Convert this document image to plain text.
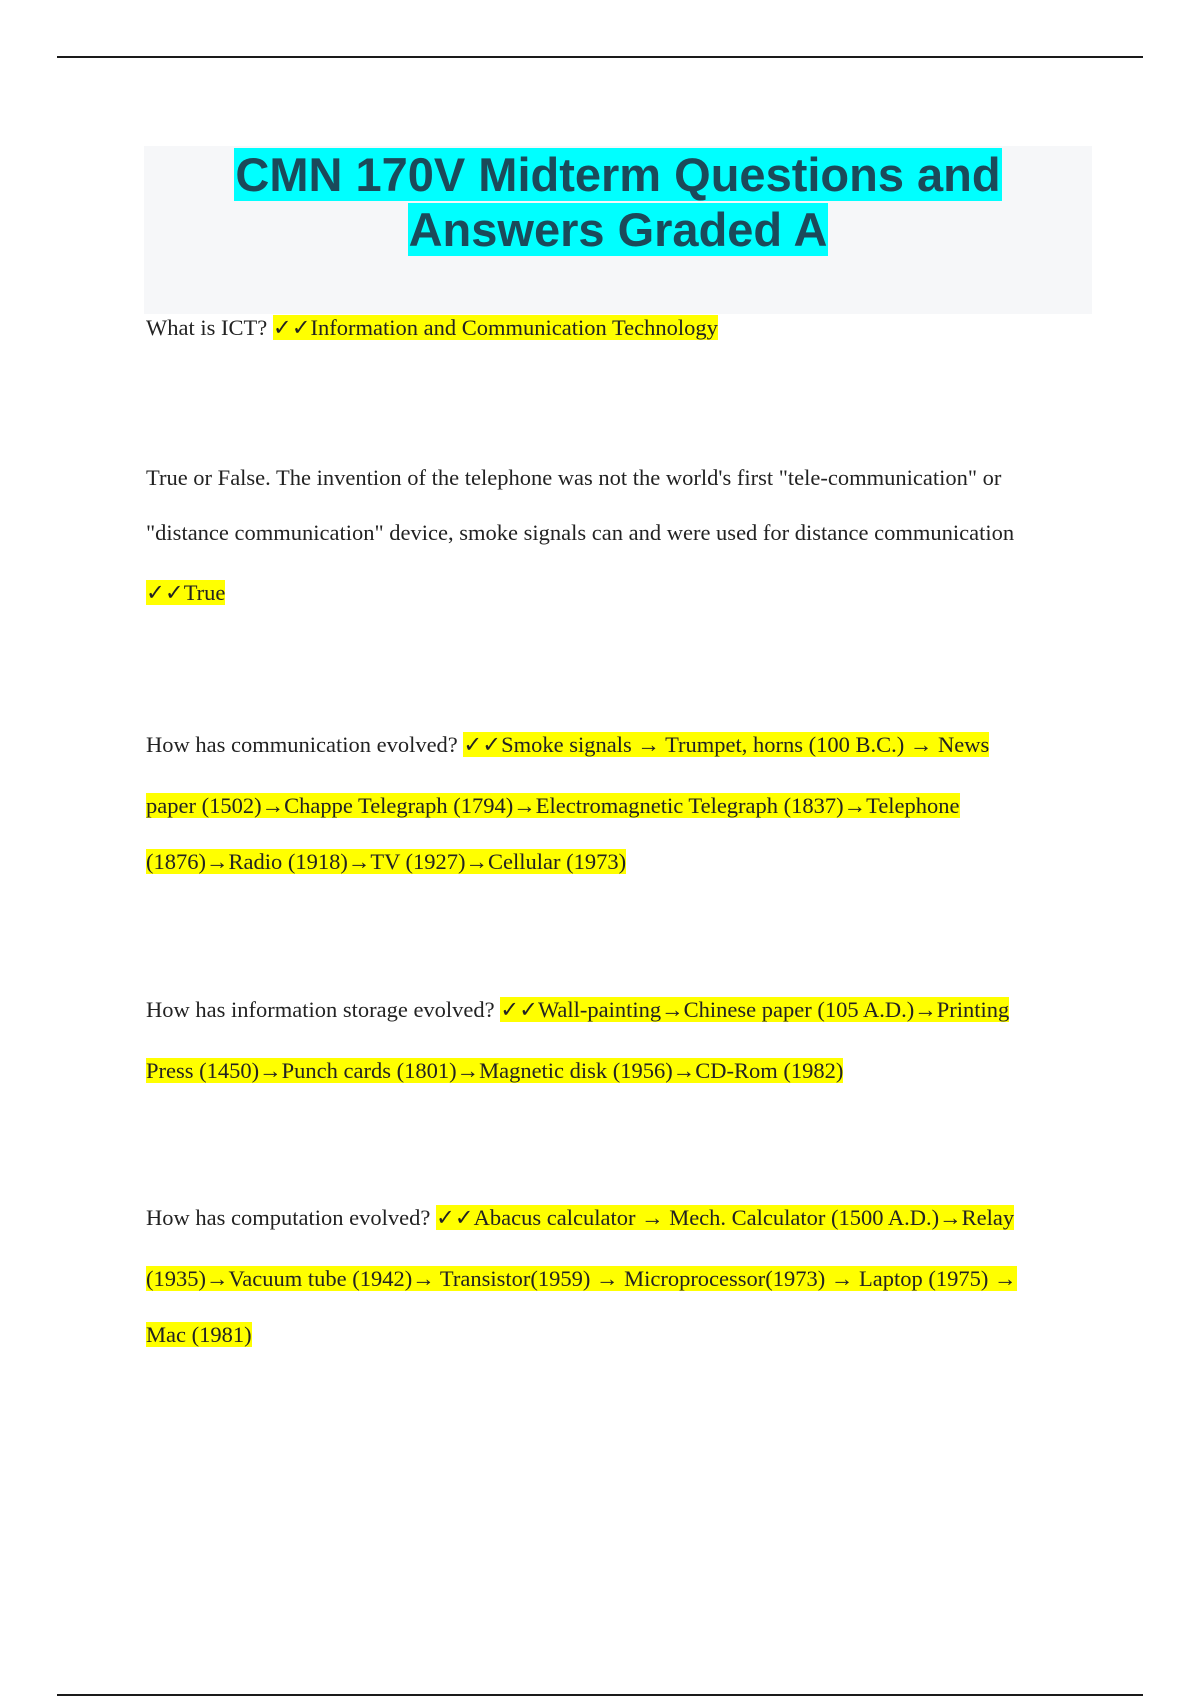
CMN 170V Midterm Questions and
Answers Graded A
What is ICT? ✓✓Information and Communication Technology
True or False. The invention of the telephone was not the world's first "tele-communication" or
"distance communication" device, smoke signals can and were used for distance communication
✓✓True
How has communication evolved? ✓✓Smoke signals → Trumpet, horns (100 B.C.) → News
paper (1502)→Chappe Telegraph (1794)→Electromagnetic Telegraph (1837)→Telephone
(1876)→Radio (1918)→TV (1927)→Cellular (1973)
How has information storage evolved? ✓✓Wall-painting→Chinese paper (105 A.D.)→Printing
Press (1450)→Punch cards (1801)→Magnetic disk (1956)→CD-Rom (1982)
How has computation evolved? ✓✓Abacus calculator → Mech. Calculator (1500 A.D.)→Relay
(1935)→Vacuum tube (1942)→ Transistor(1959) → Microprocessor(1973) → Laptop (1975) →
Mac (1981)
